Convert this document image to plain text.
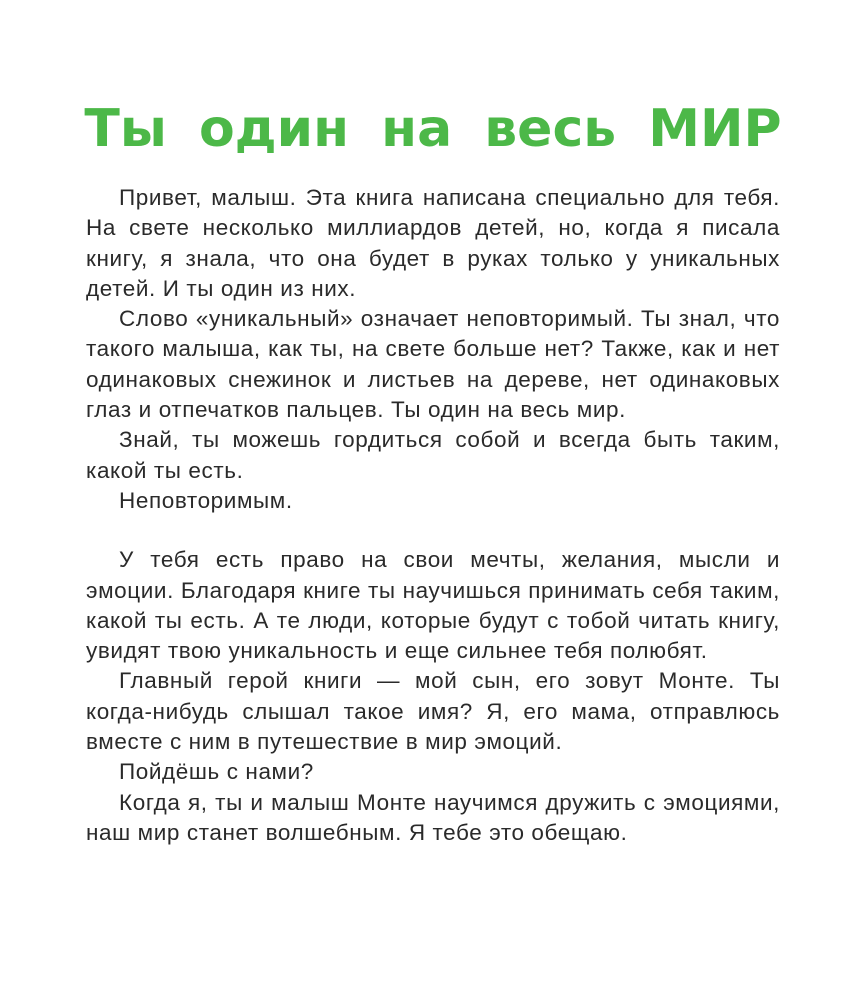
Ты один на весь МИР

Привет, малыш. Эта книга написана специально для тебя. На свете несколько миллиардов детей, но, когда я писала книгу, я знала, что она будет в руках только у уникальных детей. И ты один из них.

Слово «уникальный» означает неповторимый. Ты знал, что такого малыша, как ты, на свете больше нет? Также, как и нет одинаковых снежинок и листьев на дереве, нет одинаковых глаз и отпечатков пальцев. Ты один на весь мир.

Знай, ты можешь гордиться собой и всегда быть таким, какой ты есть.

Неповторимым.

У тебя есть право на свои мечты, желания, мысли и эмоции. Благодаря книге ты научишься принимать себя таким, какой ты есть. А те люди, которые будут с тобой читать книгу, увидят твою уникальность и еще сильнее тебя полюбят.

Главный герой книги — мой сын, его зовут Монте. Ты когда-нибудь слышал такое имя? Я, его мама, отправлюсь вместе с ним в путешествие в мир эмоций.

Пойдёшь с нами?

Когда я, ты и малыш Монте научимся дружить с эмоциями, наш мир станет волшебным. Я тебе это обещаю.
